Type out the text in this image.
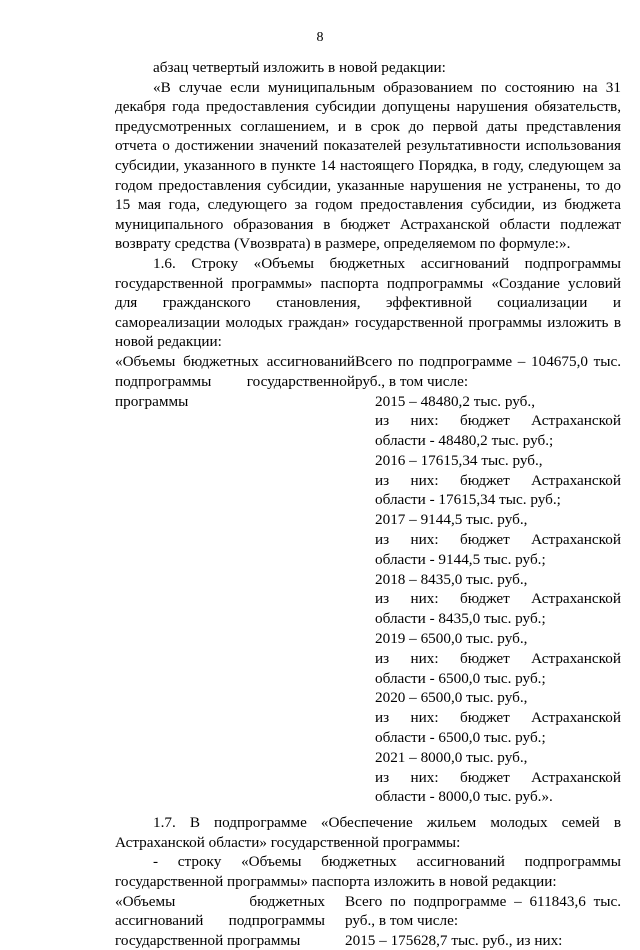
8

абзац четвертый изложить в новой редакции:

«В случае если муниципальным образованием по состоянию на 31 декабря года предоставления субсидии допущены нарушения обязательств, предусмотренных соглашением, и в срок до первой даты представления отчета о достижении значений показателей результативности использования субсидии, указанного в пункте 14 настоящего Порядка, в году, следующем за годом предоставления субсидии, указанные нарушения не устранены, то до 15 мая года, следующего за годом предоставления субсидии, из бюджета муниципального образования в бюджет Астраханской области подлежат возврату средства (Vвозврата) в размере, определяемом по формуле:».

1.6. Строку «Объемы бюджетных ассигнований подпрограммы государственной программы» паспорта подпрограммы «Создание условий для гражданского становления, эффективной социализации и самореализации молодых граждан» государственной программы изложить в новой редакции:

«Объемы бюджетных ассигнований подпрограммы государственной программы
Всего по подпрограмме – 104675,0 тыс. руб., в том числе:
2015 – 48480,2 тыс. руб.,
из них: бюджет Астраханской области - 48480,2 тыс. руб.;
2016 – 17615,34 тыс. руб.,
из них: бюджет Астраханской области - 17615,34 тыс. руб.;
2017 – 9144,5 тыс. руб.,
из них: бюджет Астраханской области - 9144,5 тыс. руб.;
2018 – 8435,0 тыс. руб.,
из них: бюджет Астраханской области - 8435,0 тыс. руб.;
2019 – 6500,0 тыс. руб.,
из них: бюджет Астраханской области - 6500,0 тыс. руб.;
2020 – 6500,0 тыс. руб.,
из них: бюджет Астраханской области - 6500,0 тыс. руб.;
2021 – 8000,0 тыс. руб.,
из них: бюджет Астраханской области - 8000,0 тыс. руб.».

1.7. В подпрограмме «Обеспечение жильем молодых семей в Астраханской области» государственной программы:

- строку «Объемы бюджетных ассигнований подпрограммы государственной программы» паспорта изложить в новой редакции:

«Объемы бюджетных ассигнований подпрограммы государственной программы
Всего по подпрограмме – 611843,6 тыс. руб., в том числе:
2015 – 175628,7 тыс. руб., из них:
